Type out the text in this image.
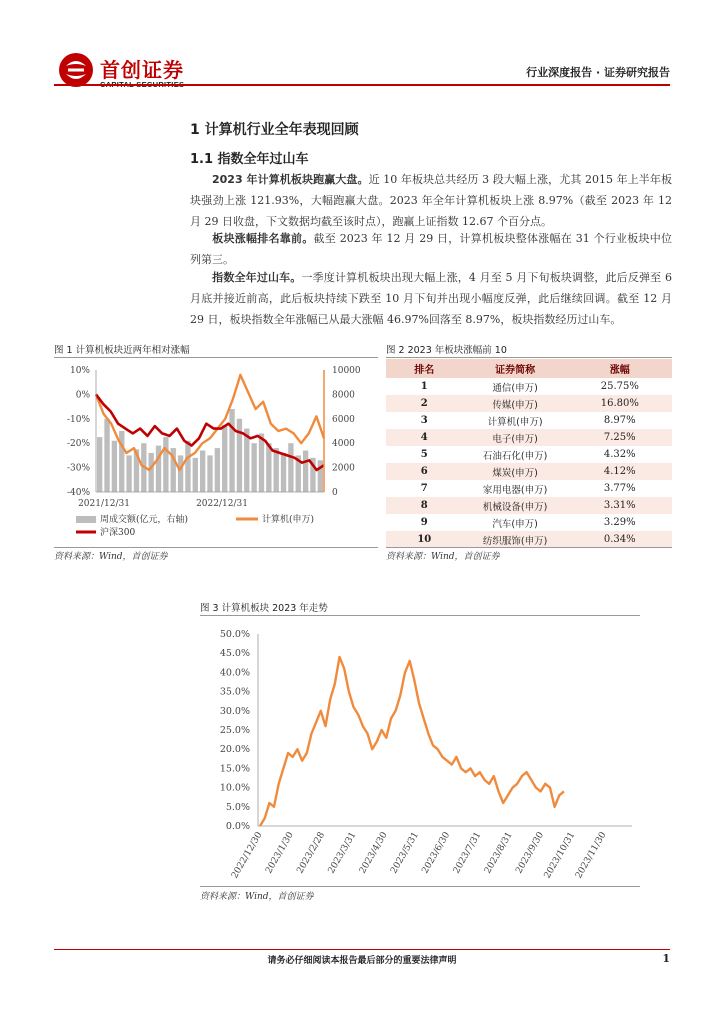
首创证券	行业深度报告 · 证券研究报告
1 计算机行业全年表现回顾
1.1 指数全年过山车
2023 年计算机板块跑赢大盘。近 10 年板块总共经历 3 段大幅上涨，尤其 2015 年上半年板块强劲上涨 121.93%，大幅跑赢大盘。2023 年全年计算机板块上涨 8.97%（截至 2023 年 12 月 29 日收盘，下文数据均截至该时点），跑赢上证指数 12.67 个百分点。
板块涨幅排名靠前。截至 2023 年 12 月 29 日，计算机板块整体涨幅在 31 个行业板块中位列第三。
指数全年过山车。一季度计算机板块出现大幅上涨，4 月至 5 月下旬板块调整，此后反弹至 6 月底并接近前高，此后板块持续下跌至 10 月下旬并出现小幅度反弹，此后继续回调。截至 12 月 29 日，板块指数全年涨幅已从最大涨幅 46.97%回落至 8.97%，板块指数经历过山车。
图 1 计算机板块近两年相对涨幅
10%
0%
-10%
-20%
-30%
-40%
10000
8000
6000
4000
2000
0
2021/12/31	2022/12/31
周成交额(亿元，右轴)	计算机(申万)
沪深300
资料来源：Wind，首创证券
图 2 2023 年板块涨幅前 10
排名	证券简称	涨幅
1	通信(申万)	25.75%
2	传媒(申万)	16.80%
3	计算机(申万)	8.97%
4	电子(申万)	7.25%
5	石油石化(申万)	4.32%
6	煤炭(申万)	4.12%
7	家用电器(申万)	3.77%
8	机械设备(申万)	3.31%
9	汽车(申万)	3.29%
10	纺织服饰(申万)	0.34%
资料来源：Wind，首创证券
图 3 计算机板块 2023 年走势
50.0%
45.0%
40.0%
35.0%
30.0%
25.0%
20.0%
15.0%
10.0%
5.0%
0.0%
2022/12/30 2023/1/30 2023/2/28 2023/3/31 2023/4/30 2023/5/31 2023/6/30 2023/7/31 2023/8/31 2023/9/30
2023/10/31
2023/11/30
资料来源：Wind，首创证券
请务必仔细阅读本报告最后部分的重要法律声明	1
